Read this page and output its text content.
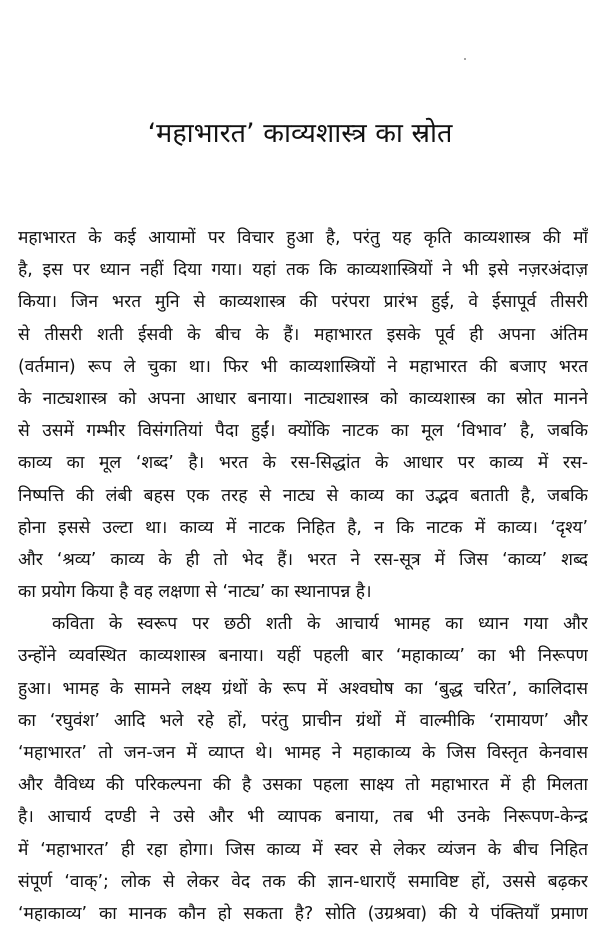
‘महाभारत’ काव्यशास्त्र का स्रोत
महाभारत के कई आयामों पर विचार हुआ है, परंतु यह कृति काव्यशास्त्र की माँ
है, इस पर ध्यान नहीं दिया गया। यहां तक कि काव्यशास्त्रियों ने भी इसे नज़रअंदाज़
किया। जिन भरत मुनि से काव्यशास्त्र की परंपरा प्रारंभ हुई, वे ईसापूर्व तीसरी
से तीसरी शती ईसवी के बीच के हैं। महाभारत इसके पूर्व ही अपना अंतिम
(वर्तमान) रूप ले चुका था। फिर भी काव्यशास्त्रियों ने महाभारत की बजाए भरत
के नाट्यशास्त्र को अपना आधार बनाया। नाट्यशास्त्र को काव्यशास्त्र का स्रोत मानने
से उसमें गम्भीर विसंगतियां पैदा हुईं। क्योंकि नाटक का मूल ‘विभाव’ है, जबकि
काव्य का मूल ‘शब्द’ है। भरत के रस-सिद्धांत के आधार पर काव्य में रस-
निष्पत्ति की लंबी बहस एक तरह से नाट्य से काव्य का उद्भव बताती है, जबकि
होना इससे उल्टा था। काव्य में नाटक निहित है, न कि नाटक में काव्य। ‘दृश्य’
और ‘श्रव्य’ काव्य के ही तो भेद हैं। भरत ने रस-सूत्र में जिस ‘काव्य’ शब्द
का प्रयोग किया है वह लक्षणा से ‘नाट्य’ का स्थानापन्न है।
कविता के स्वरूप पर छठी शती के आचार्य भामह का ध्यान गया और
उन्होंने व्यवस्थित काव्यशास्त्र बनाया। यहीं पहली बार ‘महाकाव्य’ का भी निरूपण
हुआ। भामह के सामने लक्ष्य ग्रंथों के रूप में अश्वघोष का ‘बुद्ध चरित’, कालिदास
का ‘रघुवंश’ आदि भले रहे हों, परंतु प्राचीन ग्रंथों में वाल्मीकि ‘रामायण’ और
‘महाभारत’ तो जन-जन में व्याप्त थे। भामह ने महाकाव्य के जिस विस्तृत केनवास
और वैविध्य की परिकल्पना की है उसका पहला साक्ष्य तो महाभारत में ही मिलता
है। आचार्य दण्डी ने उसे और भी व्यापक बनाया, तब भी उनके निरूपण-केन्द्र
में ‘महाभारत’ ही रहा होगा। जिस काव्य में स्वर से लेकर व्यंजन के बीच निहित
संपूर्ण ‘वाक्’; लोक से लेकर वेद तक की ज्ञान-धाराएँ समाविष्ट हों, उससे बढ़कर
‘महाकाव्य’ का मानक कौन हो सकता है? सोति (उग्रश्रवा) की ये पंक्तियाँ प्रमाण
